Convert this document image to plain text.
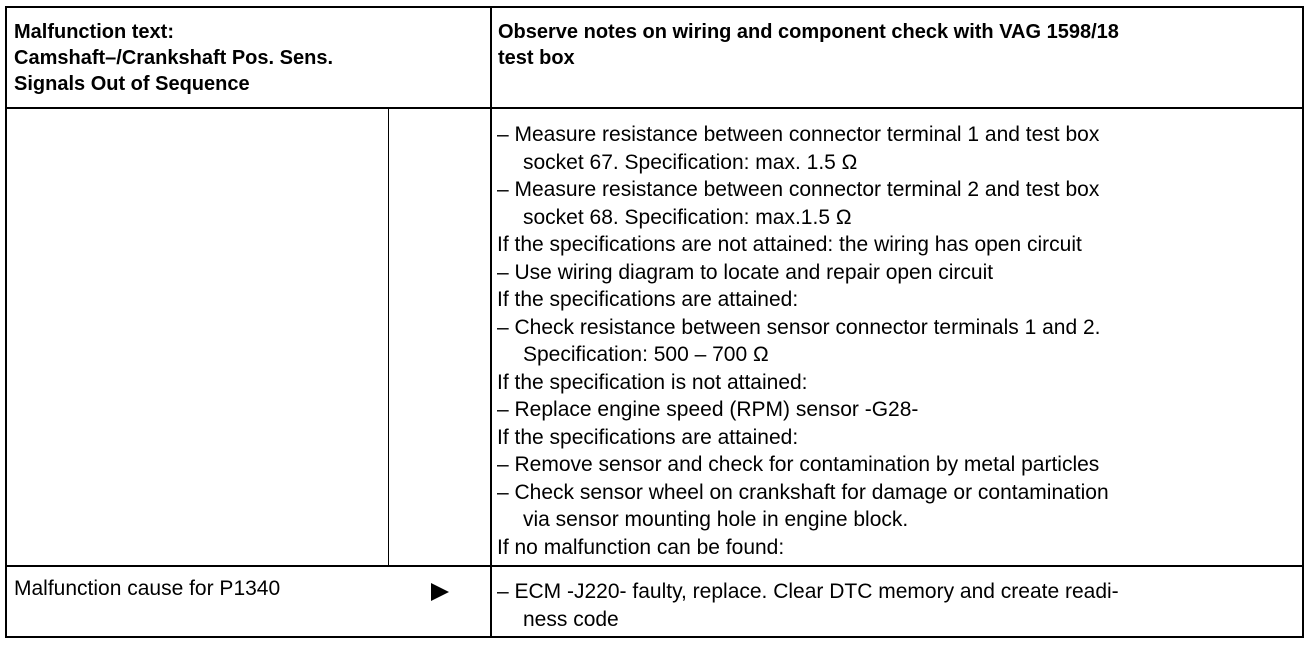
Malfunction text:
Camshaft–/Crankshaft Pos. Sens.
Signals Out of Sequence
Observe notes on wiring and component check with VAG 1598/18
test box
– Measure resistance between connector terminal 1 and test box
socket 67. Specification: max. 1.5 Ω
– Measure resistance between connector terminal 2 and test box
socket 68. Specification: max.1.5 Ω
If the specifications are not attained: the wiring has open circuit
– Use wiring diagram to locate and repair open circuit
If the specifications are attained:
– Check resistance between sensor connector terminals 1 and 2.
Specification: 500 – 700 Ω
If the specification is not attained:
– Replace engine speed (RPM) sensor -G28-
If the specifications are attained:
– Remove sensor and check for contamination by metal particles
– Check sensor wheel on crankshaft for damage or contamination
via sensor mounting hole in engine block.
If no malfunction can be found:
Malfunction cause for P1340	– ECM -J220- faulty, replace. Clear DTC memory and create readi-
ness code
